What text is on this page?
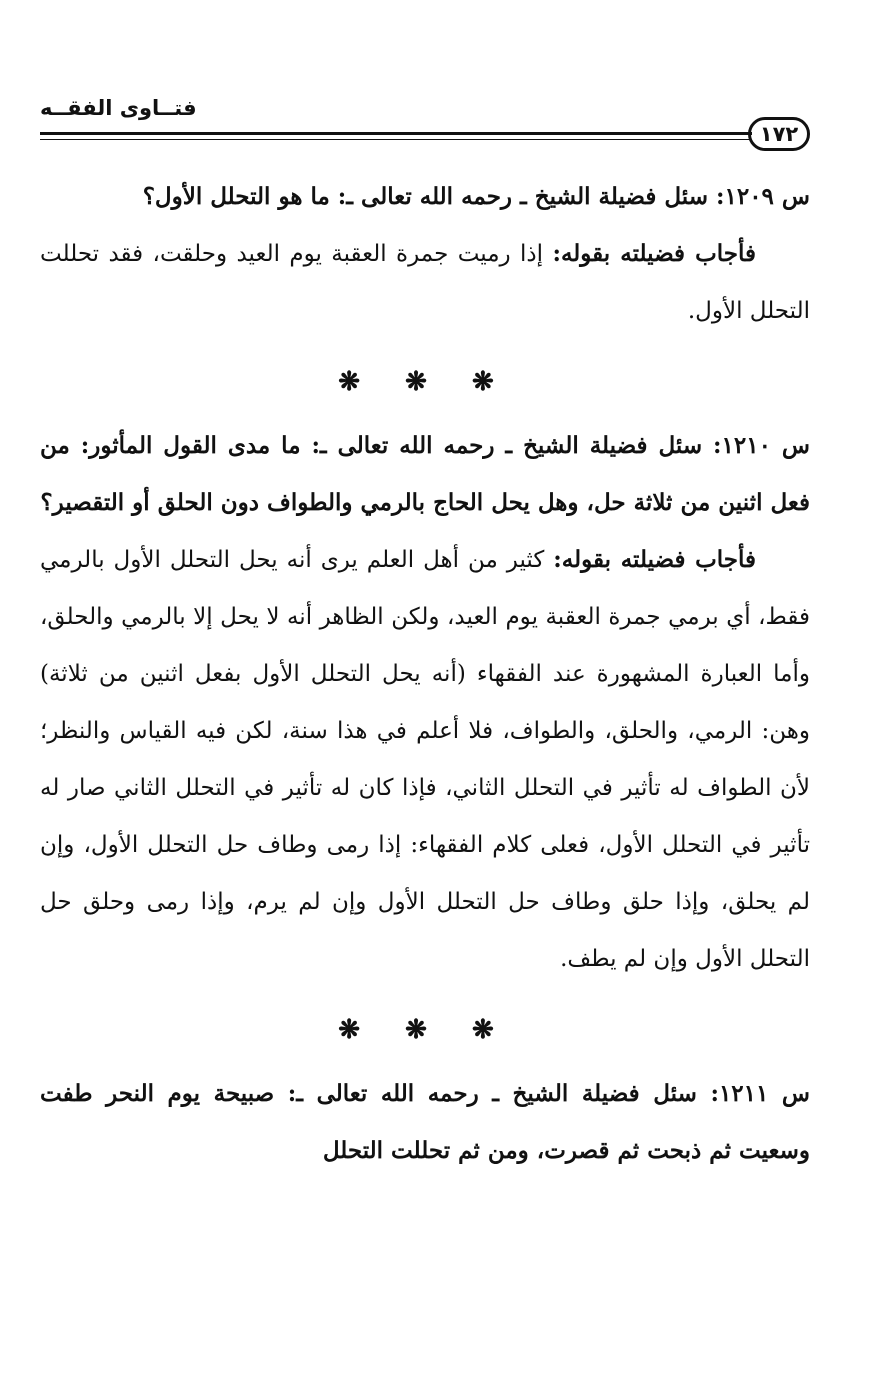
فتــاوى الفقــه
١٧٢

س ١٢٠٩: سئل فضيلة الشيخ ـ رحمه الله تعالى ـ: ما هو التحلل الأول؟

فأجاب فضيلته بقوله: إذا رميت جمرة العقبة يوم العيد وحلقت، فقد تحللت التحلل الأول.

❋ ❋ ❋

س ١٢١٠: سئل فضيلة الشيخ ـ رحمه الله تعالى ـ: ما مدى القول المأثور: من فعل اثنين من ثلاثة حل، وهل يحل الحاج بالرمي والطواف دون الحلق أو التقصير؟

فأجاب فضيلته بقوله: كثير من أهل العلم يرى أنه يحل التحلل الأول بالرمي فقط، أي برمي جمرة العقبة يوم العيد، ولكن الظاهر أنه لا يحل إلا بالرمي والحلق، وأما العبارة المشهورة عند الفقهاء (أنه يحل التحلل الأول بفعل اثنين من ثلاثة) وهن: الرمي، والحلق، والطواف، فلا أعلم في هذا سنة، لكن فيه القياس والنظر؛ لأن الطواف له تأثير في التحلل الثاني، فإذا كان له تأثير في التحلل الثاني صار له تأثير في التحلل الأول، فعلى كلام الفقهاء: إذا رمى وطاف حل التحلل الأول، وإن لم يحلق، وإذا حلق وطاف حل التحلل الأول وإن لم يرم، وإذا رمى وحلق حل التحلل الأول وإن لم يطف.

❋ ❋ ❋

س ١٢١١: سئل فضيلة الشيخ ـ رحمه الله تعالى ـ: صبيحة يوم النحر طفت وسعيت ثم ذبحت ثم قصرت، ومن ثم تحللت التحلل
